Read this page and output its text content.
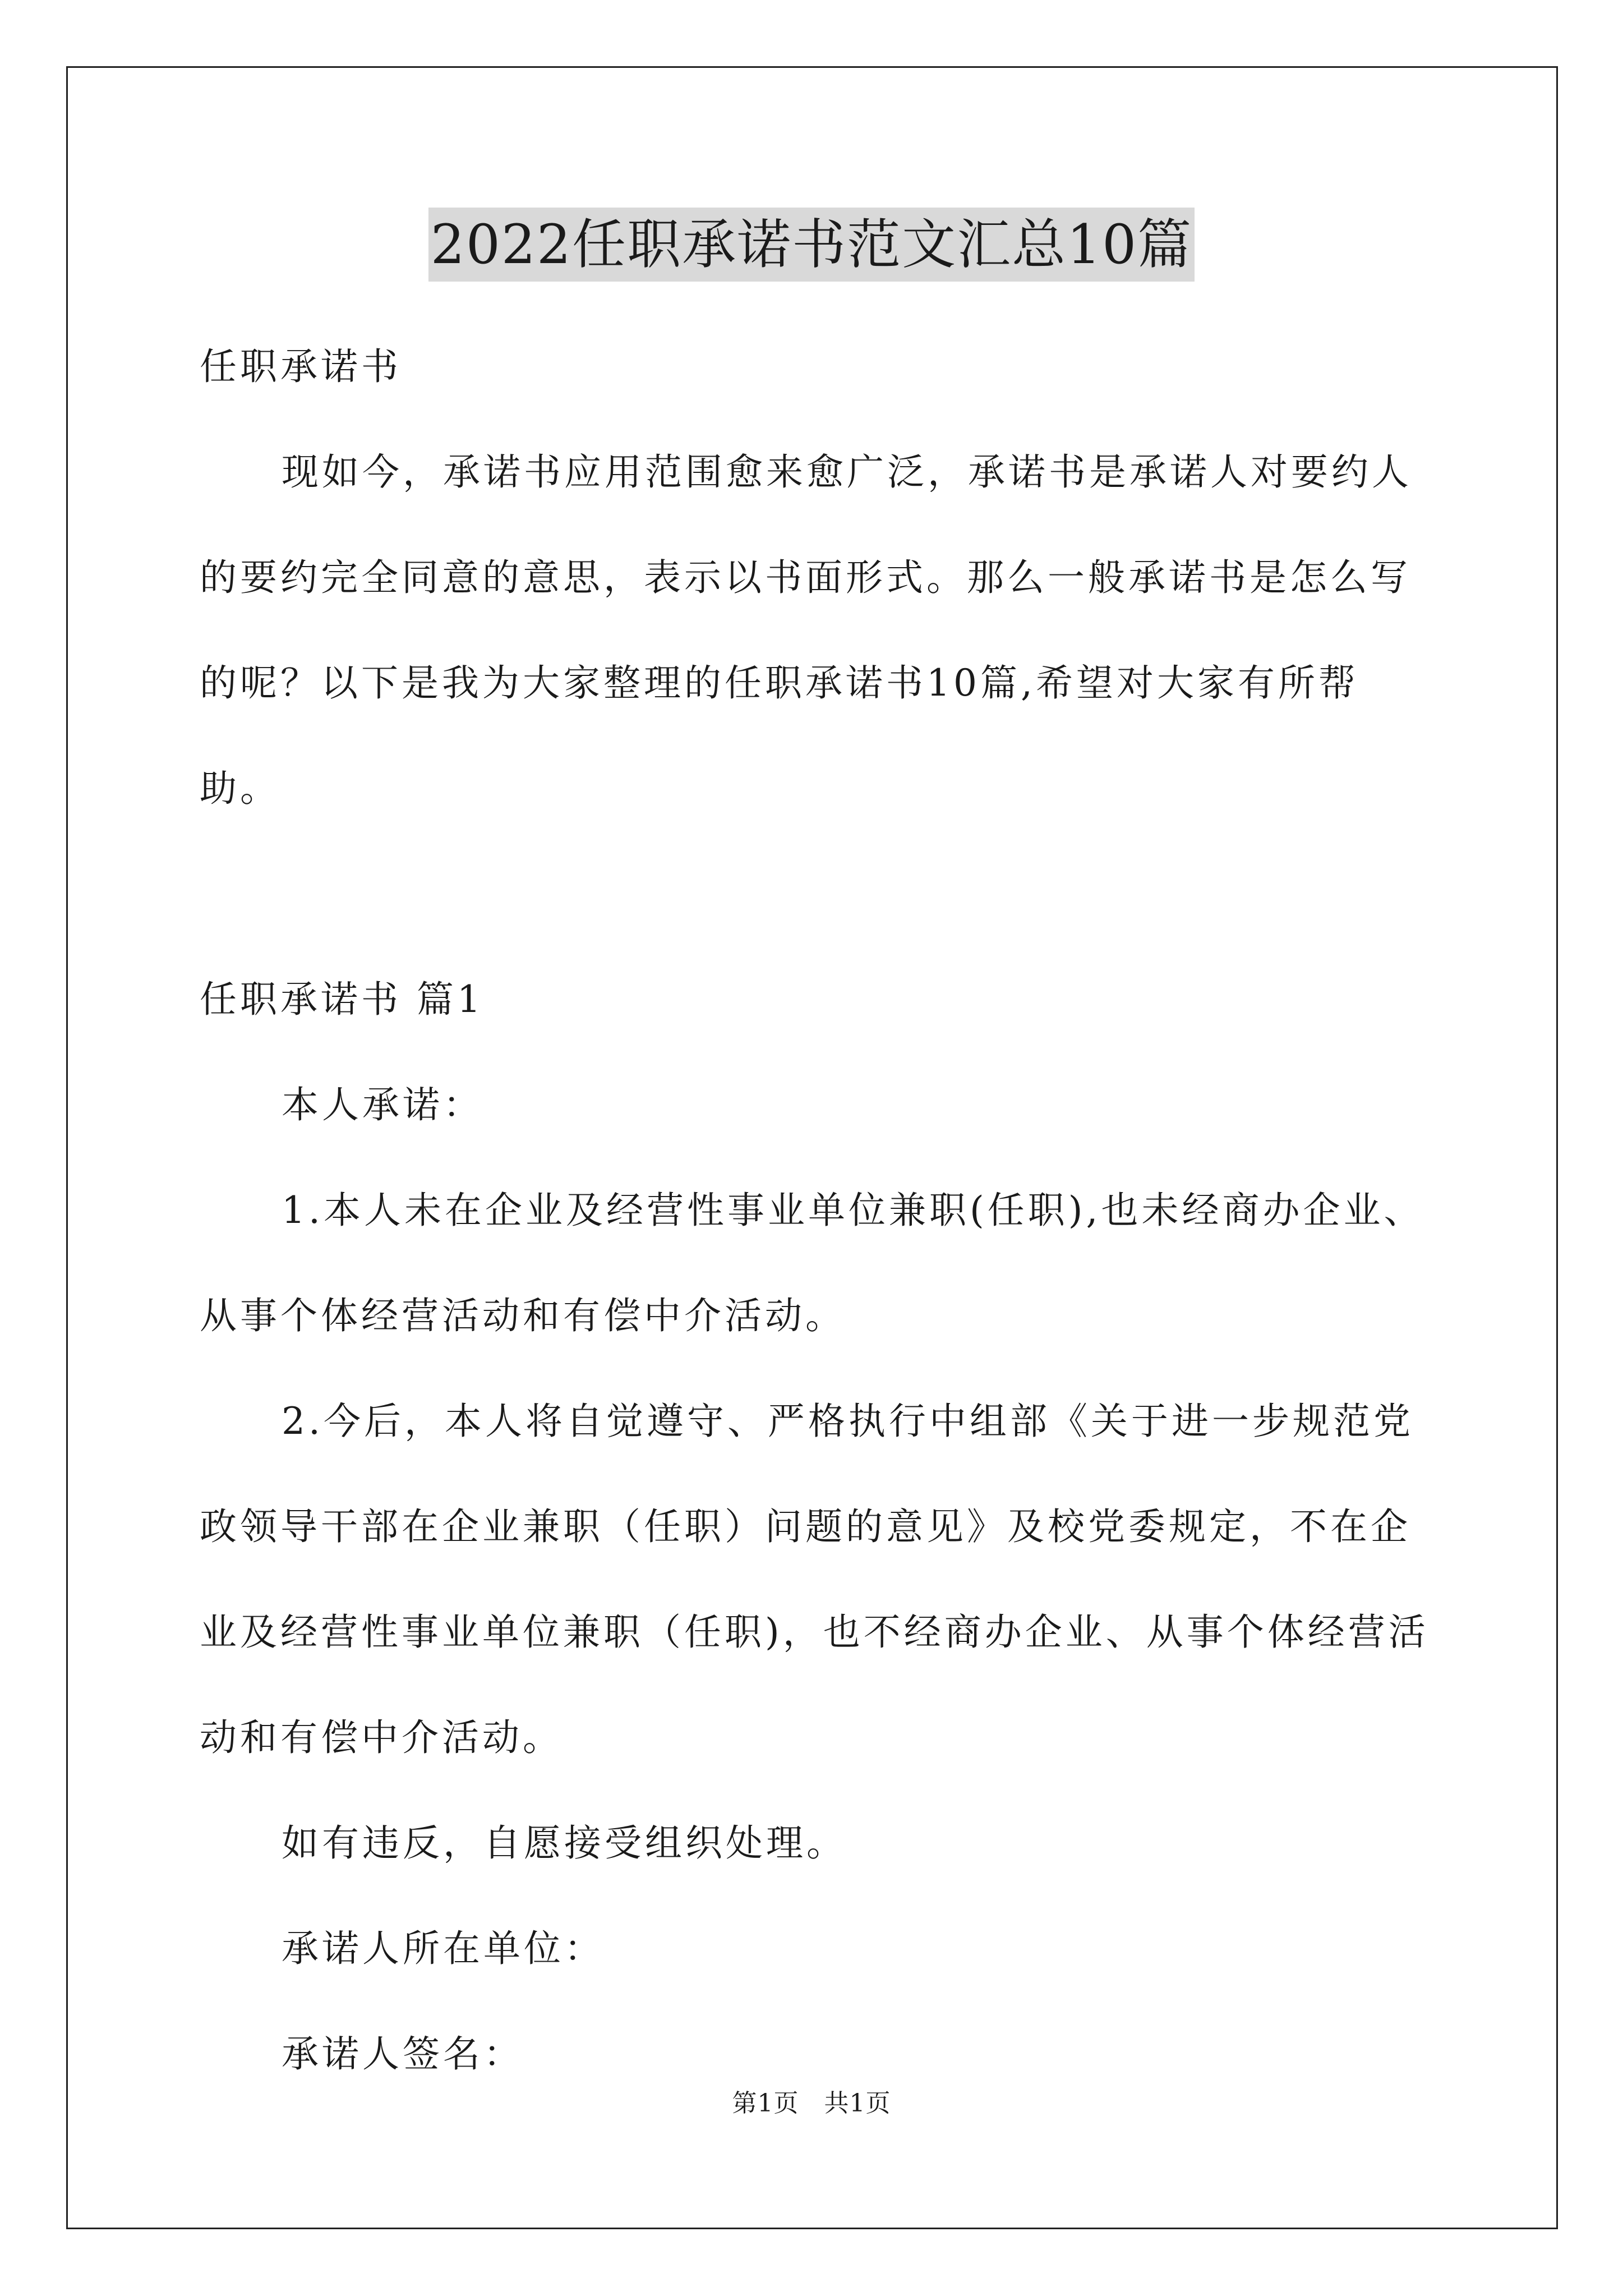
2022任职承诺书范文汇总10篇

任职承诺书

现如今，承诺书应用范围愈来愈广泛，承诺书是承诺人对要约人的要约完全同意的意思，表示以书面形式。那么一般承诺书是怎么写的呢？以下是我为大家整理的任职承诺书10篇,希望对大家有所帮助。

任职承诺书 篇1

本人承诺：

1.本人未在企业及经营性事业单位兼职(任职),也未经商办企业、从事个体经营活动和有偿中介活动。

2.今后，本人将自觉遵守、严格执行中组部《关于进一步规范党政领导干部在企业兼职（任职）问题的意见》及校党委规定，不在企业及经营性事业单位兼职（任职)，也不经商办企业、从事个体经营活动和有偿中介活动。

如有违反，自愿接受组织处理。

承诺人所在单位：

承诺人签名：

第1页 共1页
